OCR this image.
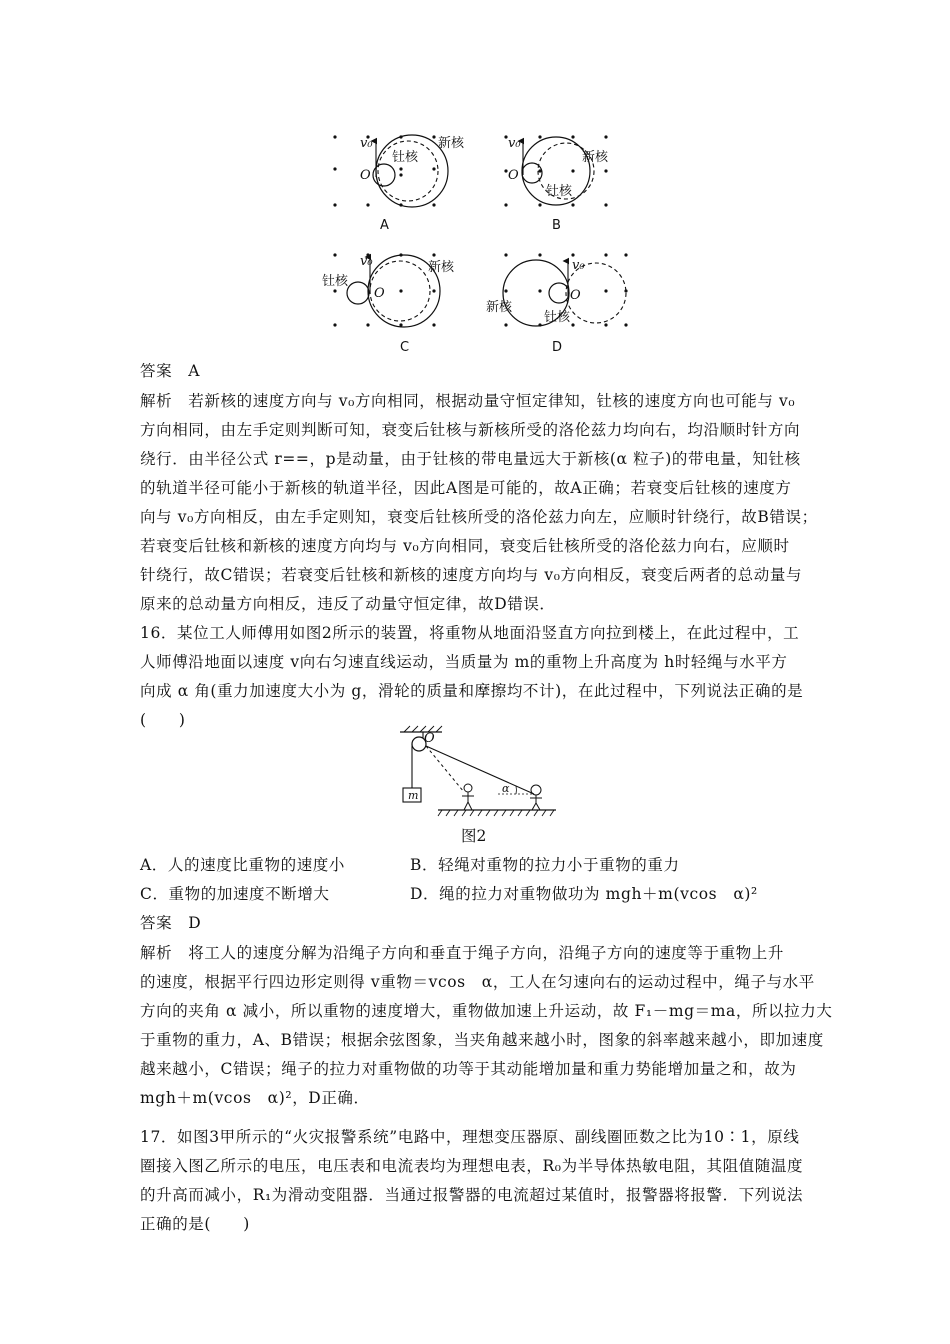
v₀
O
钍核
新核
A
v₀
O
钍核
新核
B
v₀
O
钍核
新核
C
v₀
O
钍核
新核
D
答案　A
解析　若新核的速度方向与 v₀方向相同，根据动量守恒定律知，钍核的速度方向也可能与 v₀
方向相同，由左手定则判断可知，衰变后钍核与新核所受的洛伦兹力均向右，均沿顺时针方向
绕行．由半径公式 r==，p是动量，由于钍核的带电量远大于新核(α 粒子)的带电量，知钍核
的轨道半径可能小于新核的轨道半径，因此A图是可能的，故A正确；若衰变后钍核的速度方
向与 v₀方向相反，由左手定则知，衰变后钍核所受的洛伦兹力向左，应顺时针绕行，故B错误；
若衰变后钍核和新核的速度方向均与 v₀方向相同，衰变后钍核所受的洛伦兹力向右，应顺时
针绕行，故C错误；若衰变后钍核和新核的速度方向均与 v₀方向相反，衰变后两者的总动量与
原来的总动量方向相反，违反了动量守恒定律，故D错误．
16．某位工人师傅用如图2所示的装置，将重物从地面沿竖直方向拉到楼上，在此过程中，工
人师傅沿地面以速度 v向右匀速直线运动，当质量为 m的重物上升高度为 h时轻绳与水平方
向成 α 角(重力加速度大小为 g，滑轮的质量和摩擦均不计)，在此过程中，下列说法正确的是
(　　)
O
m
α
图2
A．人的速度比重物的速度小	B．轻绳对重物的拉力小于重物的重力
C．重物的加速度不断增大	D．绳的拉力对重物做功为 mgh＋m(vcos　α)²
答案　D
解析　将工人的速度分解为沿绳子方向和垂直于绳子方向，沿绳子方向的速度等于重物上升
的速度，根据平行四边形定则得 v重物＝vcos　α，工人在匀速向右的运动过程中，绳子与水平
方向的夹角 α 减小，所以重物的速度增大，重物做加速上升运动，故 F₁－mg＝ma，所以拉力大
于重物的重力，A、B错误；根据余弦图象，当夹角越来越小时，图象的斜率越来越小，即加速度
越来越小，C错误；绳子的拉力对重物做的功等于其动能增加量和重力势能增加量之和，故为
mgh＋m(vcos　α)²，D正确．
17．如图3甲所示的“火灾报警系统”电路中，理想变压器原、副线圈匝数之比为10∶1，原线
圈接入图乙所示的电压，电压表和电流表均为理想电表，R₀为半导体热敏电阻，其阻值随温度
的升高而减小，R₁为滑动变阻器．当通过报警器的电流超过某值时，报警器将报警．下列说法
正确的是(　　)
